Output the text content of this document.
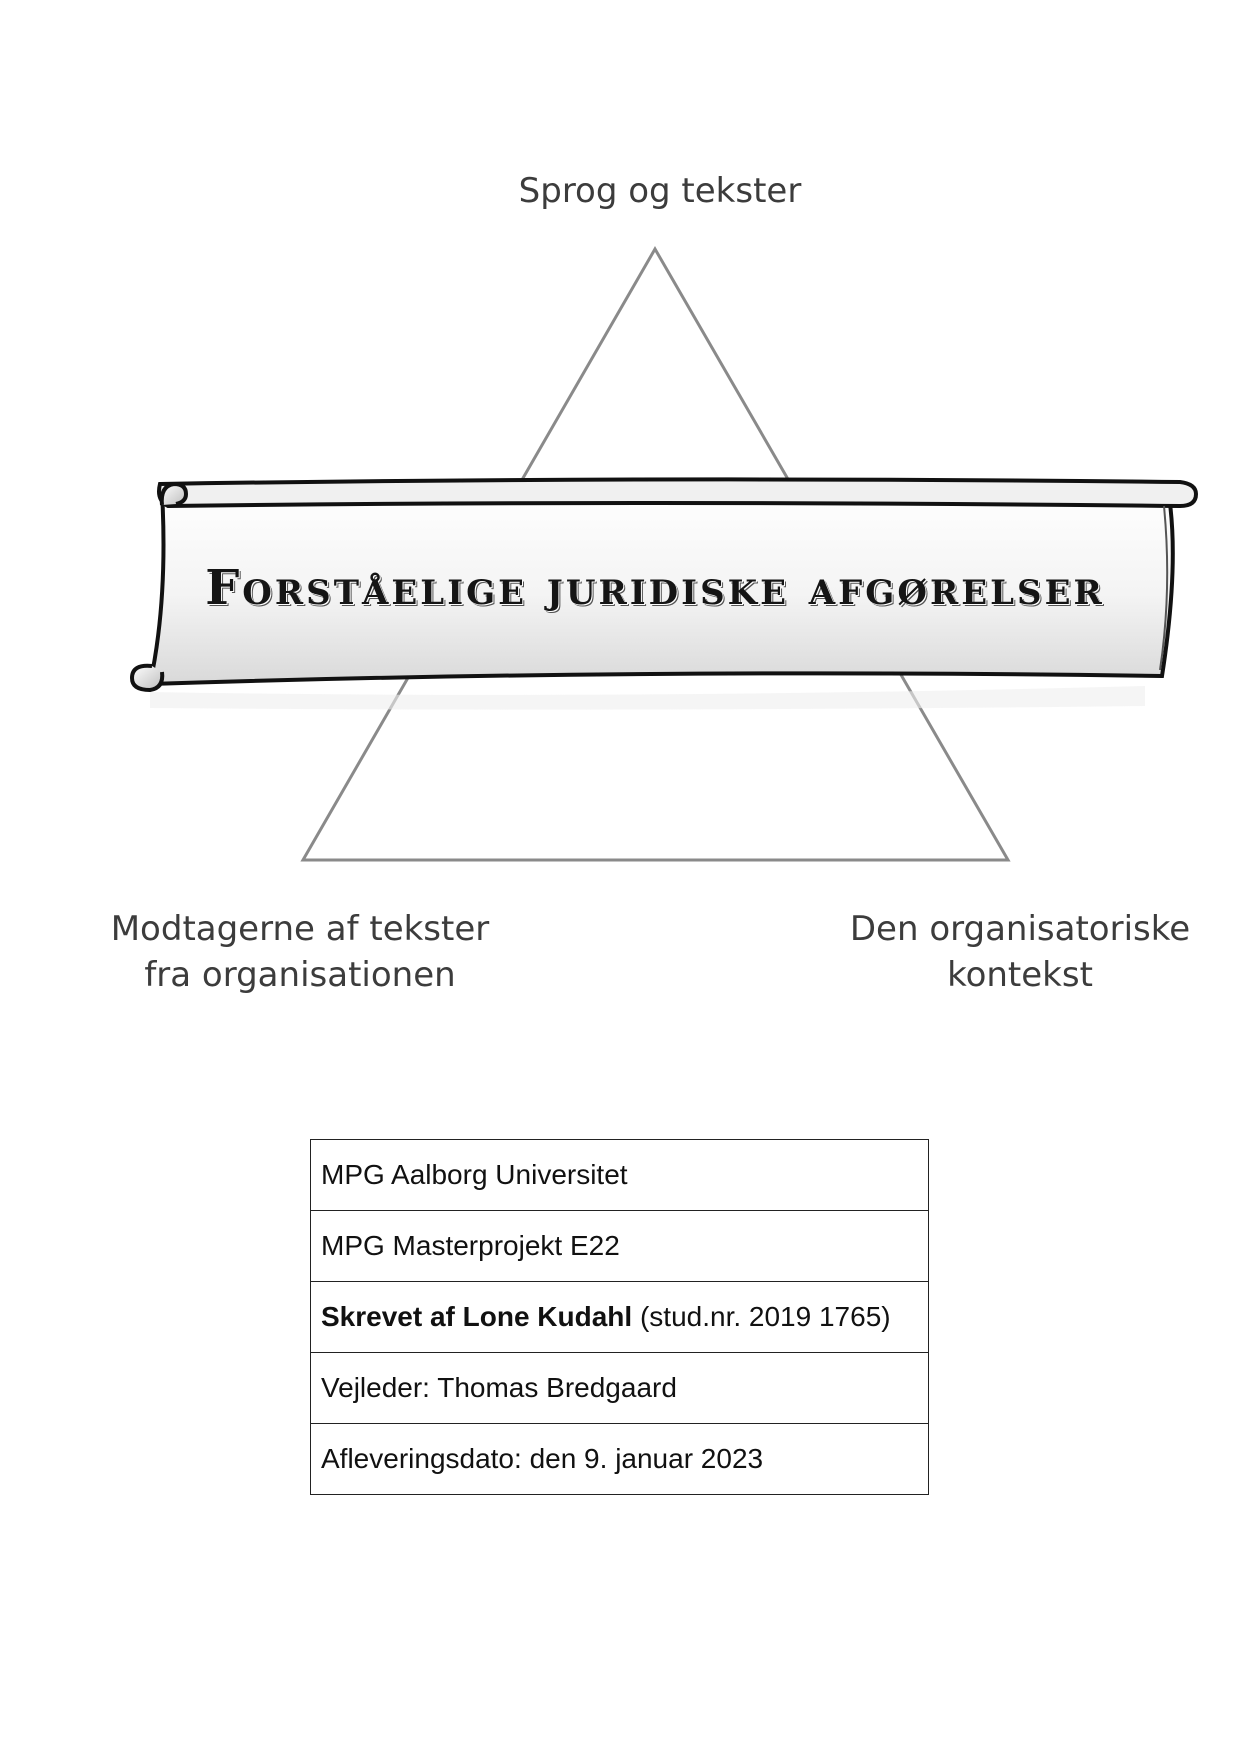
Sprog og tekster
Modtagerne af tekster
fra organisationen
Den organisatoriske
kontekst
Forståelige juridiske afgørelser
MPG Aalborg Universitet
MPG Masterprojekt E22
Skrevet af Lone Kudahl (stud.nr. 2019 1765)
Vejleder: Thomas Bredgaard
Afleveringsdato: den 9. januar 2023
